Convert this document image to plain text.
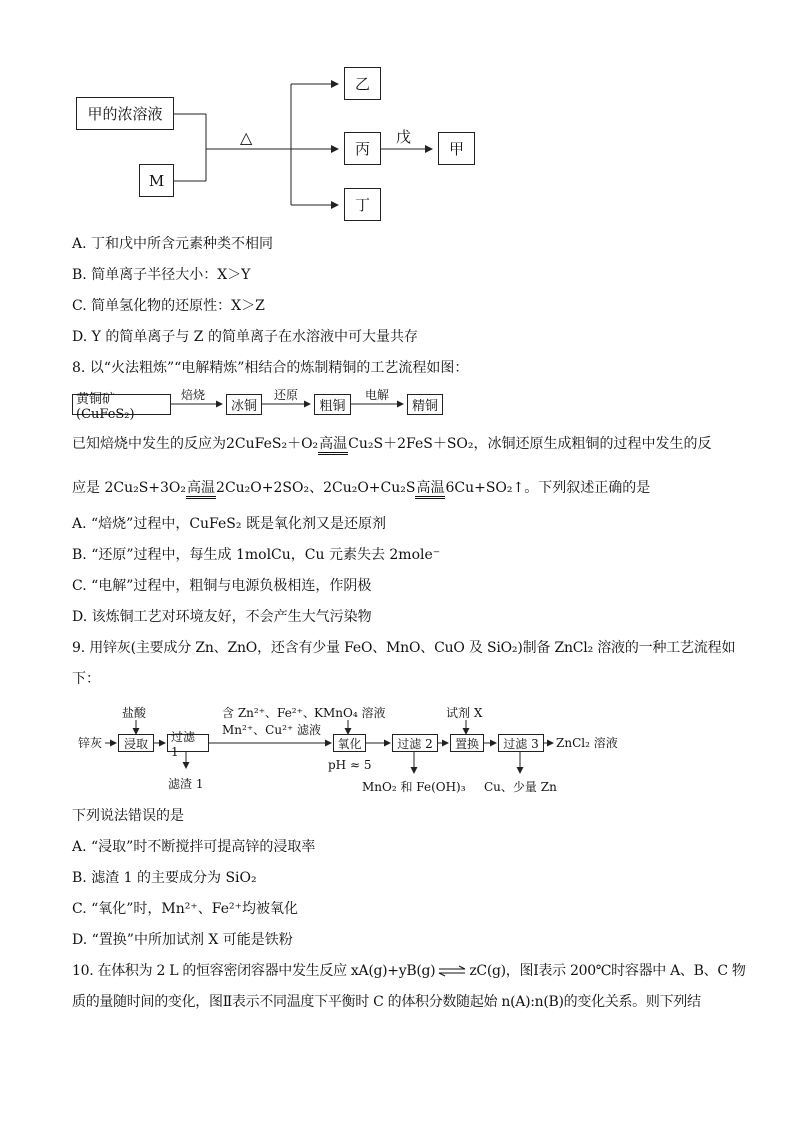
甲的浓溶液
M
△
乙
丙
丁
戊
甲
A. 丁和戊中所含元素种类不相同
B. 简单离子半径大小：X＞Y
C. 简单氢化物的还原性：X＞Z
D. Y 的简单离子与 Z 的简单离子在水溶液中可大量共存
8. 以“火法粗炼”“电解精炼”相结合的炼制精铜的工艺流程如图：
黄铜矿(CuFeS₂)
焙烧
冰铜
还原
粗铜
电解
精铜
已知焙烧中发生的反应为2CuFeS₂＋O₂高温Cu₂S＋2FeS＋SO₂，冰铜还原生成粗铜的过程中发生的反
应是 2Cu₂S+3O₂高温2Cu₂O+2SO₂、2Cu₂O+Cu₂S高温6Cu+SO₂↑。下列叙述正确的是
A. “焙烧”过程中，CuFeS₂ 既是氧化剂又是还原剂
B. “还原”过程中，每生成 1molCu，Cu 元素失去 2mole⁻
C. “电解”过程中，粗铜与电源负极相连，作阴极
D. 该炼铜工艺对环境友好，不会产生大气污染物
9. 用锌灰(主要成分 Zn、ZnO，还含有少量 FeO、MnO、CuO 及 SiO₂)制备 ZnCl₂ 溶液的一种工艺流程如
下：
盐酸
锌灰	浸取	过滤 1
滤渣 1
含 Zn²⁺、Fe²⁺、
Mn²⁺、Cu²⁺ 滤液
KMnO₄ 溶液
氧化
pH ≈ 5
过滤 2
MnO₂ 和 Fe(OH)₃
试剂 X
置换	过滤 3
Cu、少量 Zn
ZnCl₂ 溶液
下列说法错误的是
A. “浸取”时不断搅拌可提高锌的浸取率
B. 滤渣 1 的主要成分为 SiO₂
C. “氧化”时，Mn²⁺、Fe²⁺均被氧化
D. “置换”中所加试剂 X 可能是铁粉
10. 在体积为 2 L 的恒容密闭容器中发生反应 xA(g)+yB(g) ⇌ zC(g)，图Ⅰ表示 200℃时容器中 A、B、C 物
质的量随时间的变化，图Ⅱ表示不同温度下平衡时 C 的体积分数随起始 n(A):n(B)的变化关系。则下列结
